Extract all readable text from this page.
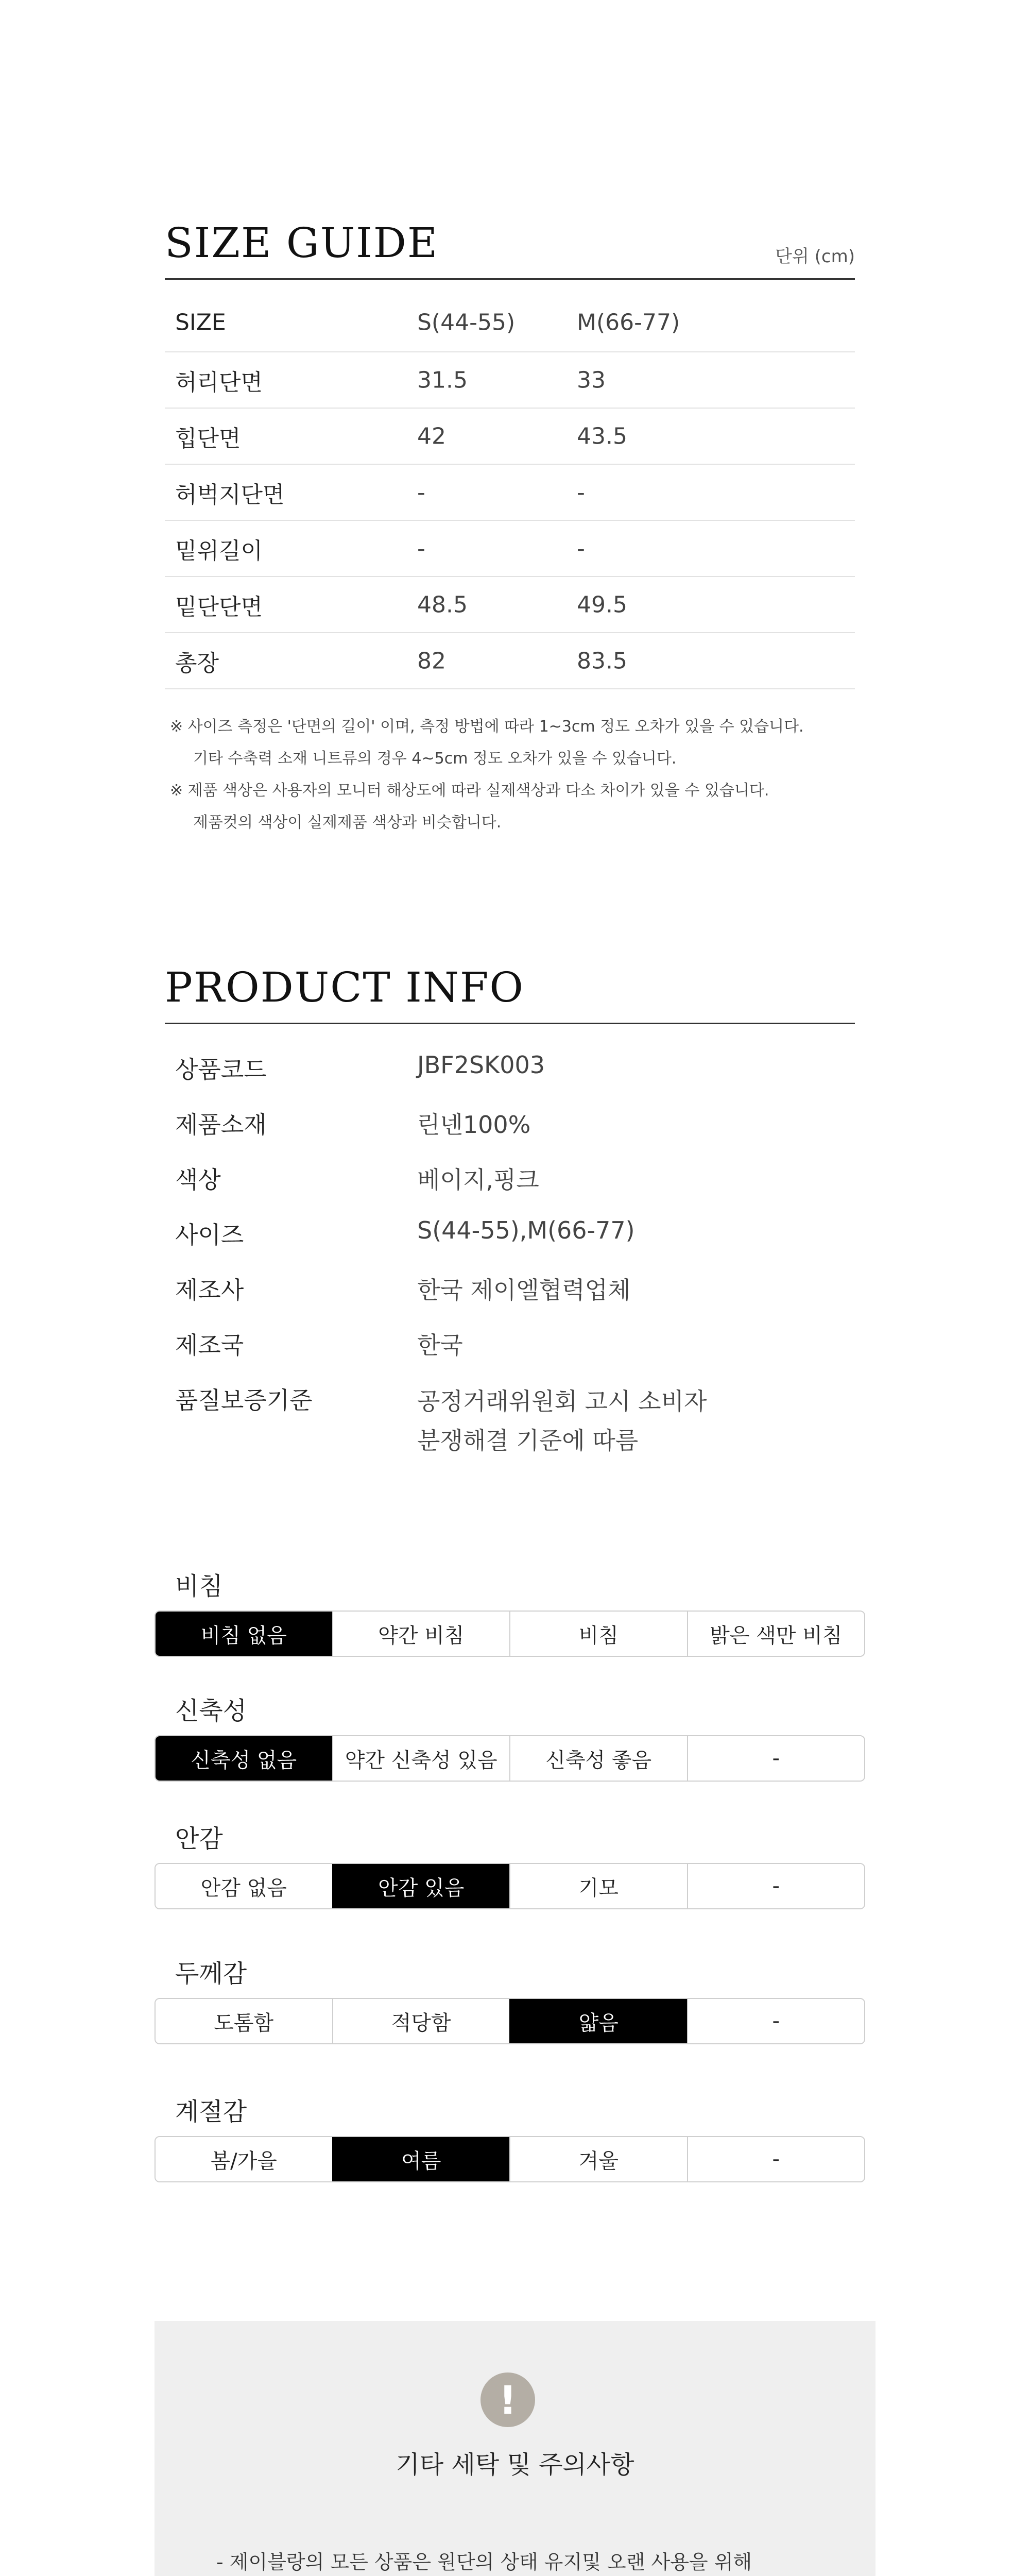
SIZE GUIDE	단위 (cm)
SIZE	S(44-55)	M(66-77)
허리단면	31.5	33
힙단면	42	43.5
허벅지단면	-	-
밑위길이	-	-
밑단단면	48.5	49.5
총장	82	83.5
※ 사이즈 측정은 '단면의 길이' 이며, 측정 방법에 따라 1~3cm 정도 오차가 있을 수 있습니다.
기타 수축력 소재 니트류의 경우 4~5cm 정도 오차가 있을 수 있습니다.
※ 제품 색상은 사용자의 모니터 해상도에 따라 실제색상과 다소 차이가 있을 수 있습니다.
제품컷의 색상이 실제제품 색상과 비슷합니다.
PRODUCT INFO
상품코드	JBF2SK003
제품소재	린넨100%
색상	베이지,핑크
사이즈	S(44-55),M(66-77)
제조사	한국 제이엘협력업체
제조국	한국
품질보증기준	공정거래위원회 고시 소비자
분쟁해결 기준에 따름
비침
비침 없음	약간 비침	비침	밝은 색만 비침
신축성
신축성 없음	약간 신축성 있음	신축성 좋음	-
안감
안감 없음	안감 있음	기모	-
두께감
도톰함	적당함	얇음	-
계절감
봄/가을	여름	겨울	-
!
기타 세탁 및 주의사항
- 제이블랑의 모든 상품은 원단의 상태 유지및 오랜 사용을 위해
